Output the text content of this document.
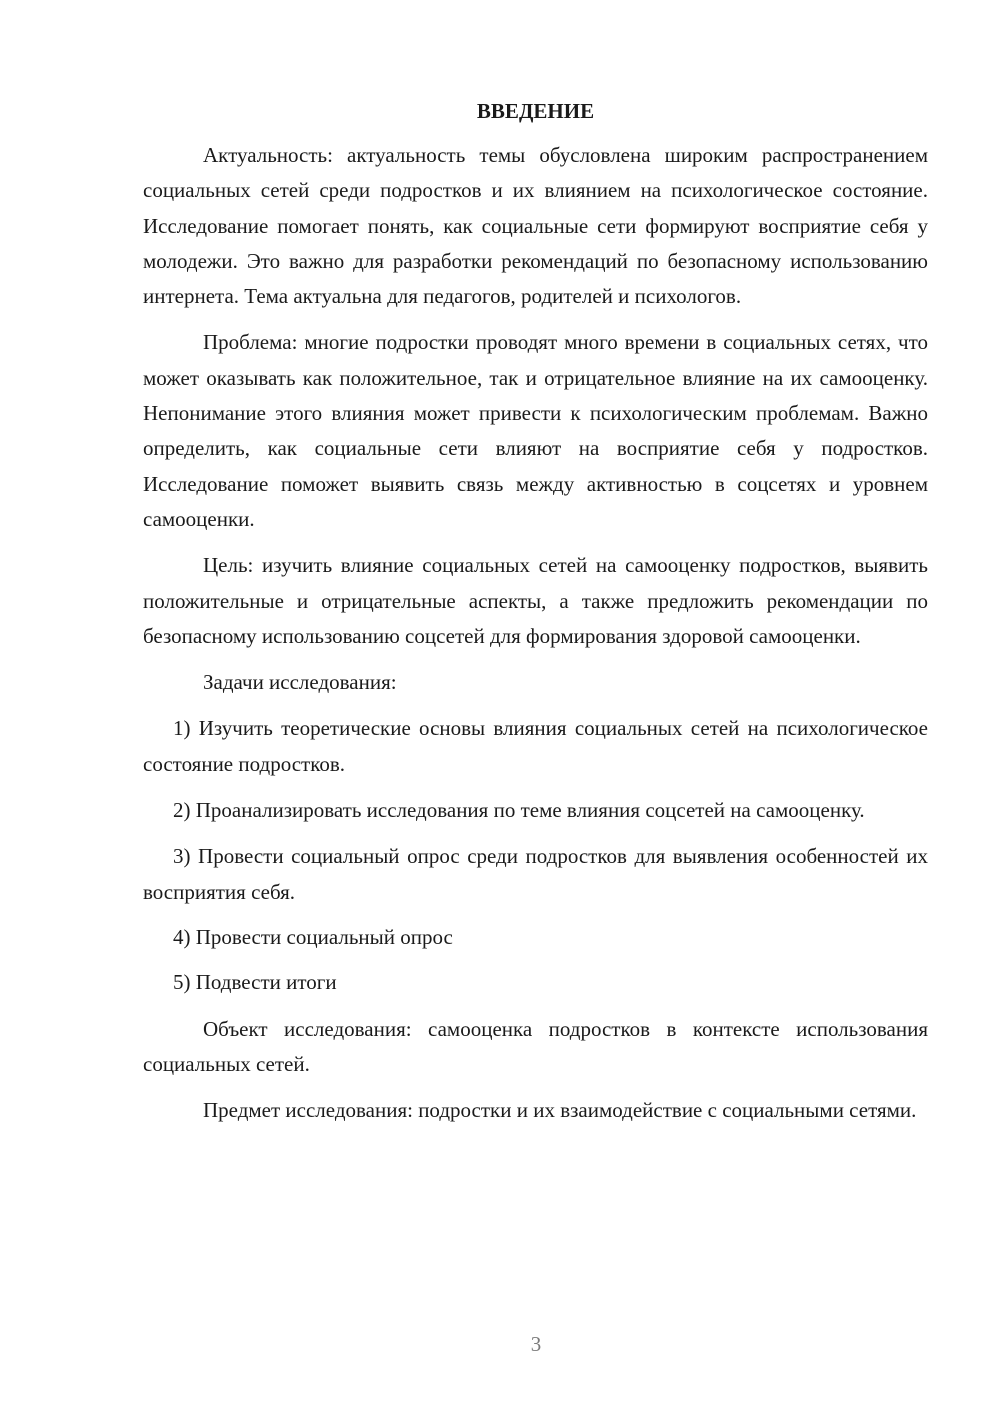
ВВЕДЕНИЕ

Актуальность: актуальность темы обусловлена широким распространением социальных сетей среди подростков и их влиянием на психологическое состояние. Исследование помогает понять, как социальные сети формируют восприятие себя у молодежи. Это важно для разработки рекомендаций по безопасному использованию интернета. Тема актуальна для педагогов, родителей и психологов.

Проблема: многие подростки проводят много времени в социальных сетях, что может оказывать как положительное, так и отрицательное влияние на их самооценку. Непонимание этого влияния может привести к психологическим проблемам. Важно определить, как социальные сети влияют на восприятие себя у подростков. Исследование поможет выявить связь между активностью в соцсетях и уровнем самооценки.

Цель: изучить влияние социальных сетей на самооценку подростков, выявить положительные и отрицательные аспекты, а также предложить рекомендации по безопасному использованию соцсетей для формирования здоровой самооценки.

Задачи исследования:

1) Изучить теоретические основы влияния социальных сетей на психологическое состояние подростков.

2) Проанализировать исследования по теме влияния соцсетей на самооценку.

3) Провести социальный опрос среди подростков для выявления особенностей их восприятия себя.

4) Провести социальный опрос

5) Подвести итоги

Объект исследования: самооценка подростков в контексте использования социальных сетей.

Предмет исследования: подростки и их взаимодействие с социальными сетями.

3
